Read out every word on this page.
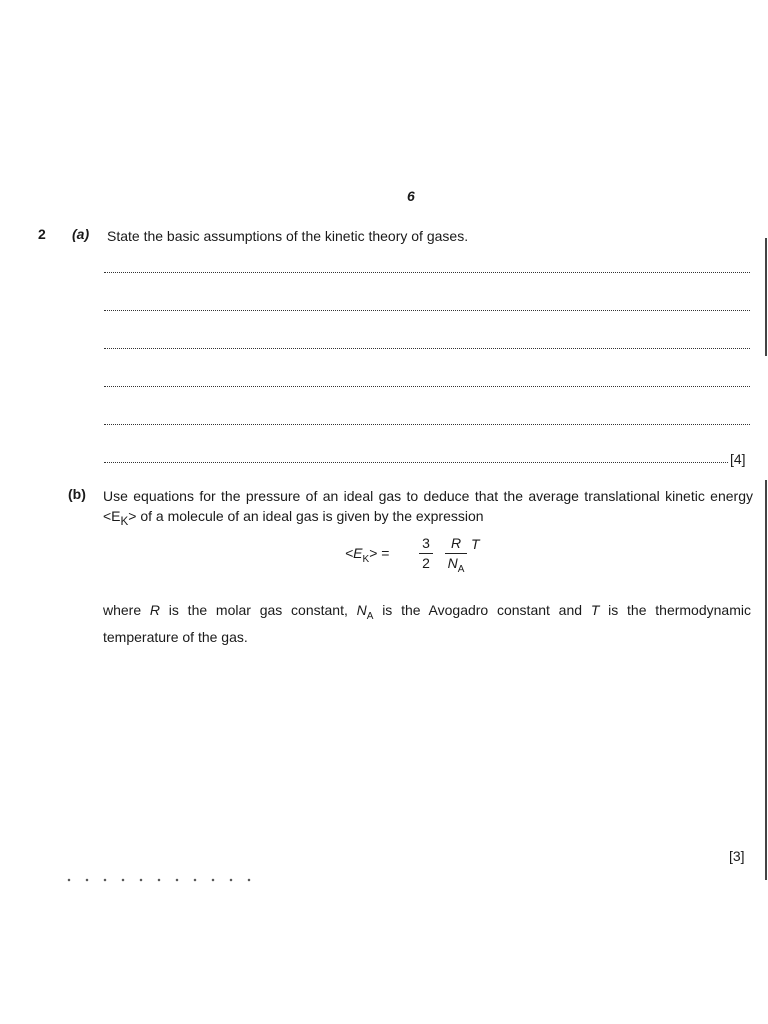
6
2 (a) State the basic assumptions of the kinetic theory of gases.
[4]
(b) Use equations for the pressure of an ideal gas to deduce that the average translational kinetic energy $<E_K>$ of a molecule of an ideal gas is given by the expression
$<E_K>$ =
3
2
R
$N_A$
T
where R is the molar gas constant, $N_A$ is the Avogadro constant and T is the thermodynamic temperature of the gas.
[3]
